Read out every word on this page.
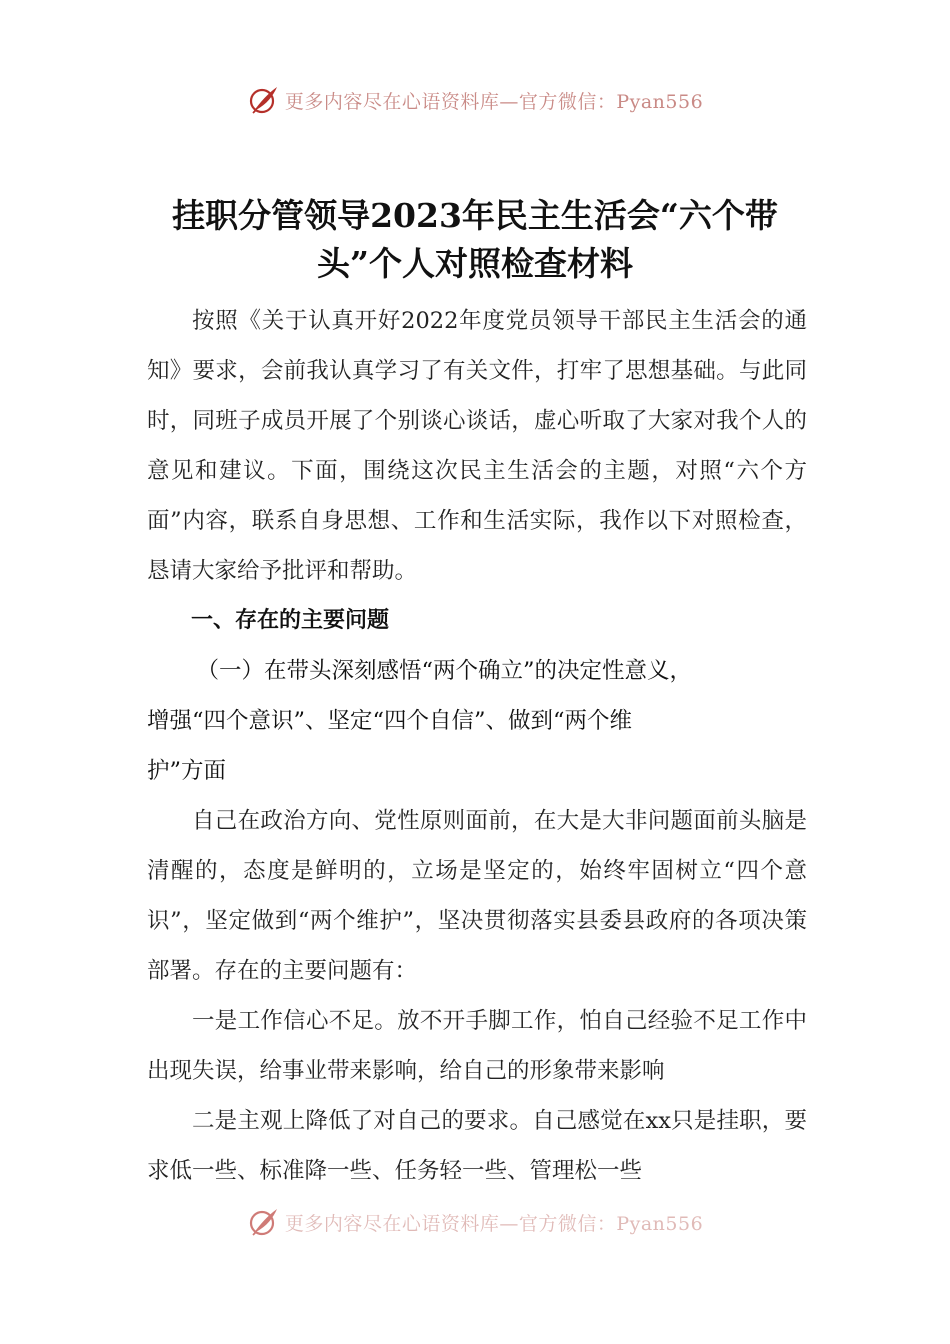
更多内容尽在心语资料库—官方微信：Pyan556
挂职分管领导2023年民主生活会“六个带
头”个人对照检查材料

按照《关于认真开好2022年度党员领导干部民主生活会的通知》要求，会前我认真学习了有关文件，打牢了思想基础。与此同时，同班子成员开展了个别谈心谈话，虚心听取了大家对我个人的意见和建议。下面，围绕这次民主生活会的主题，对照“六个方面”内容，联系自身思想、工作和生活实际，我作以下对照检查，恳请大家给予批评和帮助。

一、存在的主要问题

（一）在带头深刻感悟“两个确立”的决定性意义，

增强“四个意识”、坚定“四个自信”、做到“两个维

护”方面

自己在政治方向、党性原则面前，在大是大非问题面前头脑是清醒的，态度是鲜明的，立场是坚定的，始终牢固树立“四个意识”，坚定做到“两个维护”，坚决贯彻落实县委县政府的各项决策部署。存在的主要问题有：

一是工作信心不足。放不开手脚工作，怕自己经验不足工作中出现失误，给事业带来影响，给自己的形象带来影响

二是主观上降低了对自己的要求。自己感觉在xx只是挂职，要求低一些、标准降一些、任务轻一些、管理松一些

更多内容尽在心语资料库—官方微信：Pyan556
